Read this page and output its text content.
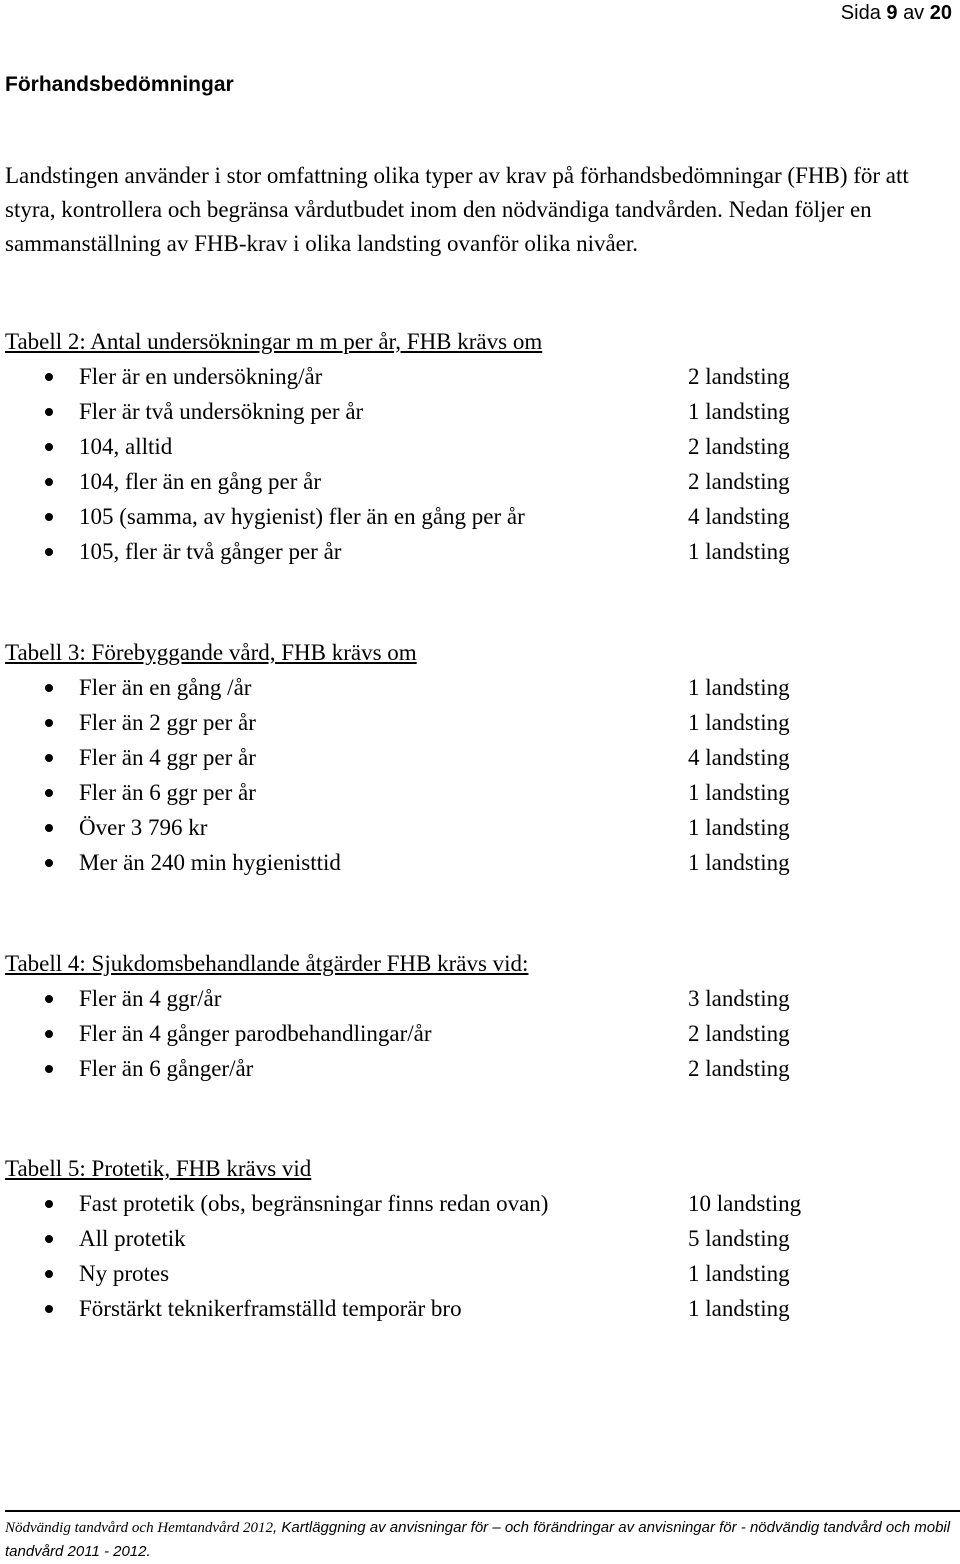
Sida 9 av 20
Förhandsbedömningar

Landstingen använder i stor omfattning olika typer av krav på förhandsbedömningar (FHB) för att styra, kontrollera och begränsa vårdutbudet inom den nödvändiga tandvården. Nedan följer en sammanställning av FHB-krav i olika landsting ovanför olika nivåer.

Tabell 2: Antal undersökningar m m per år, FHB krävs om
Fler är en undersökning/år	2 landsting
Fler är två undersökning per år	1 landsting
104, alltid	2 landsting
104, fler än en gång per år	2 landsting
105 (samma, av hygienist) fler än en gång per år	4 landsting
105, fler är två gånger per år	1 landsting
Tabell 3: Förebyggande vård, FHB krävs om
Fler än en gång /år	1 landsting
Fler än 2 ggr per år	1 landsting
Fler än 4 ggr per år	4 landsting
Fler än 6 ggr per år	1 landsting
Över 3 796 kr	1 landsting
Mer än 240 min hygienisttid	1 landsting
Tabell 4: Sjukdomsbehandlande åtgärder FHB krävs vid:
Fler än 4 ggr/år	3 landsting
Fler än 4 gånger parodbehandlingar/år	2 landsting
Fler än 6 gånger/år	2 landsting
Tabell 5: Protetik, FHB krävs vid
Fast protetik (obs, begränsningar finns redan ovan)	10 landsting
All protetik	5 landsting
Ny protes	1 landsting
Förstärkt teknikerframställd temporär bro	1 landsting
Nödvändig tandvård och Hemtandvård 2012, Kartläggning av anvisningar för – och förändringar av anvisningar för - nödvändig tandvård och mobil tandvård 2011 - 2012.
